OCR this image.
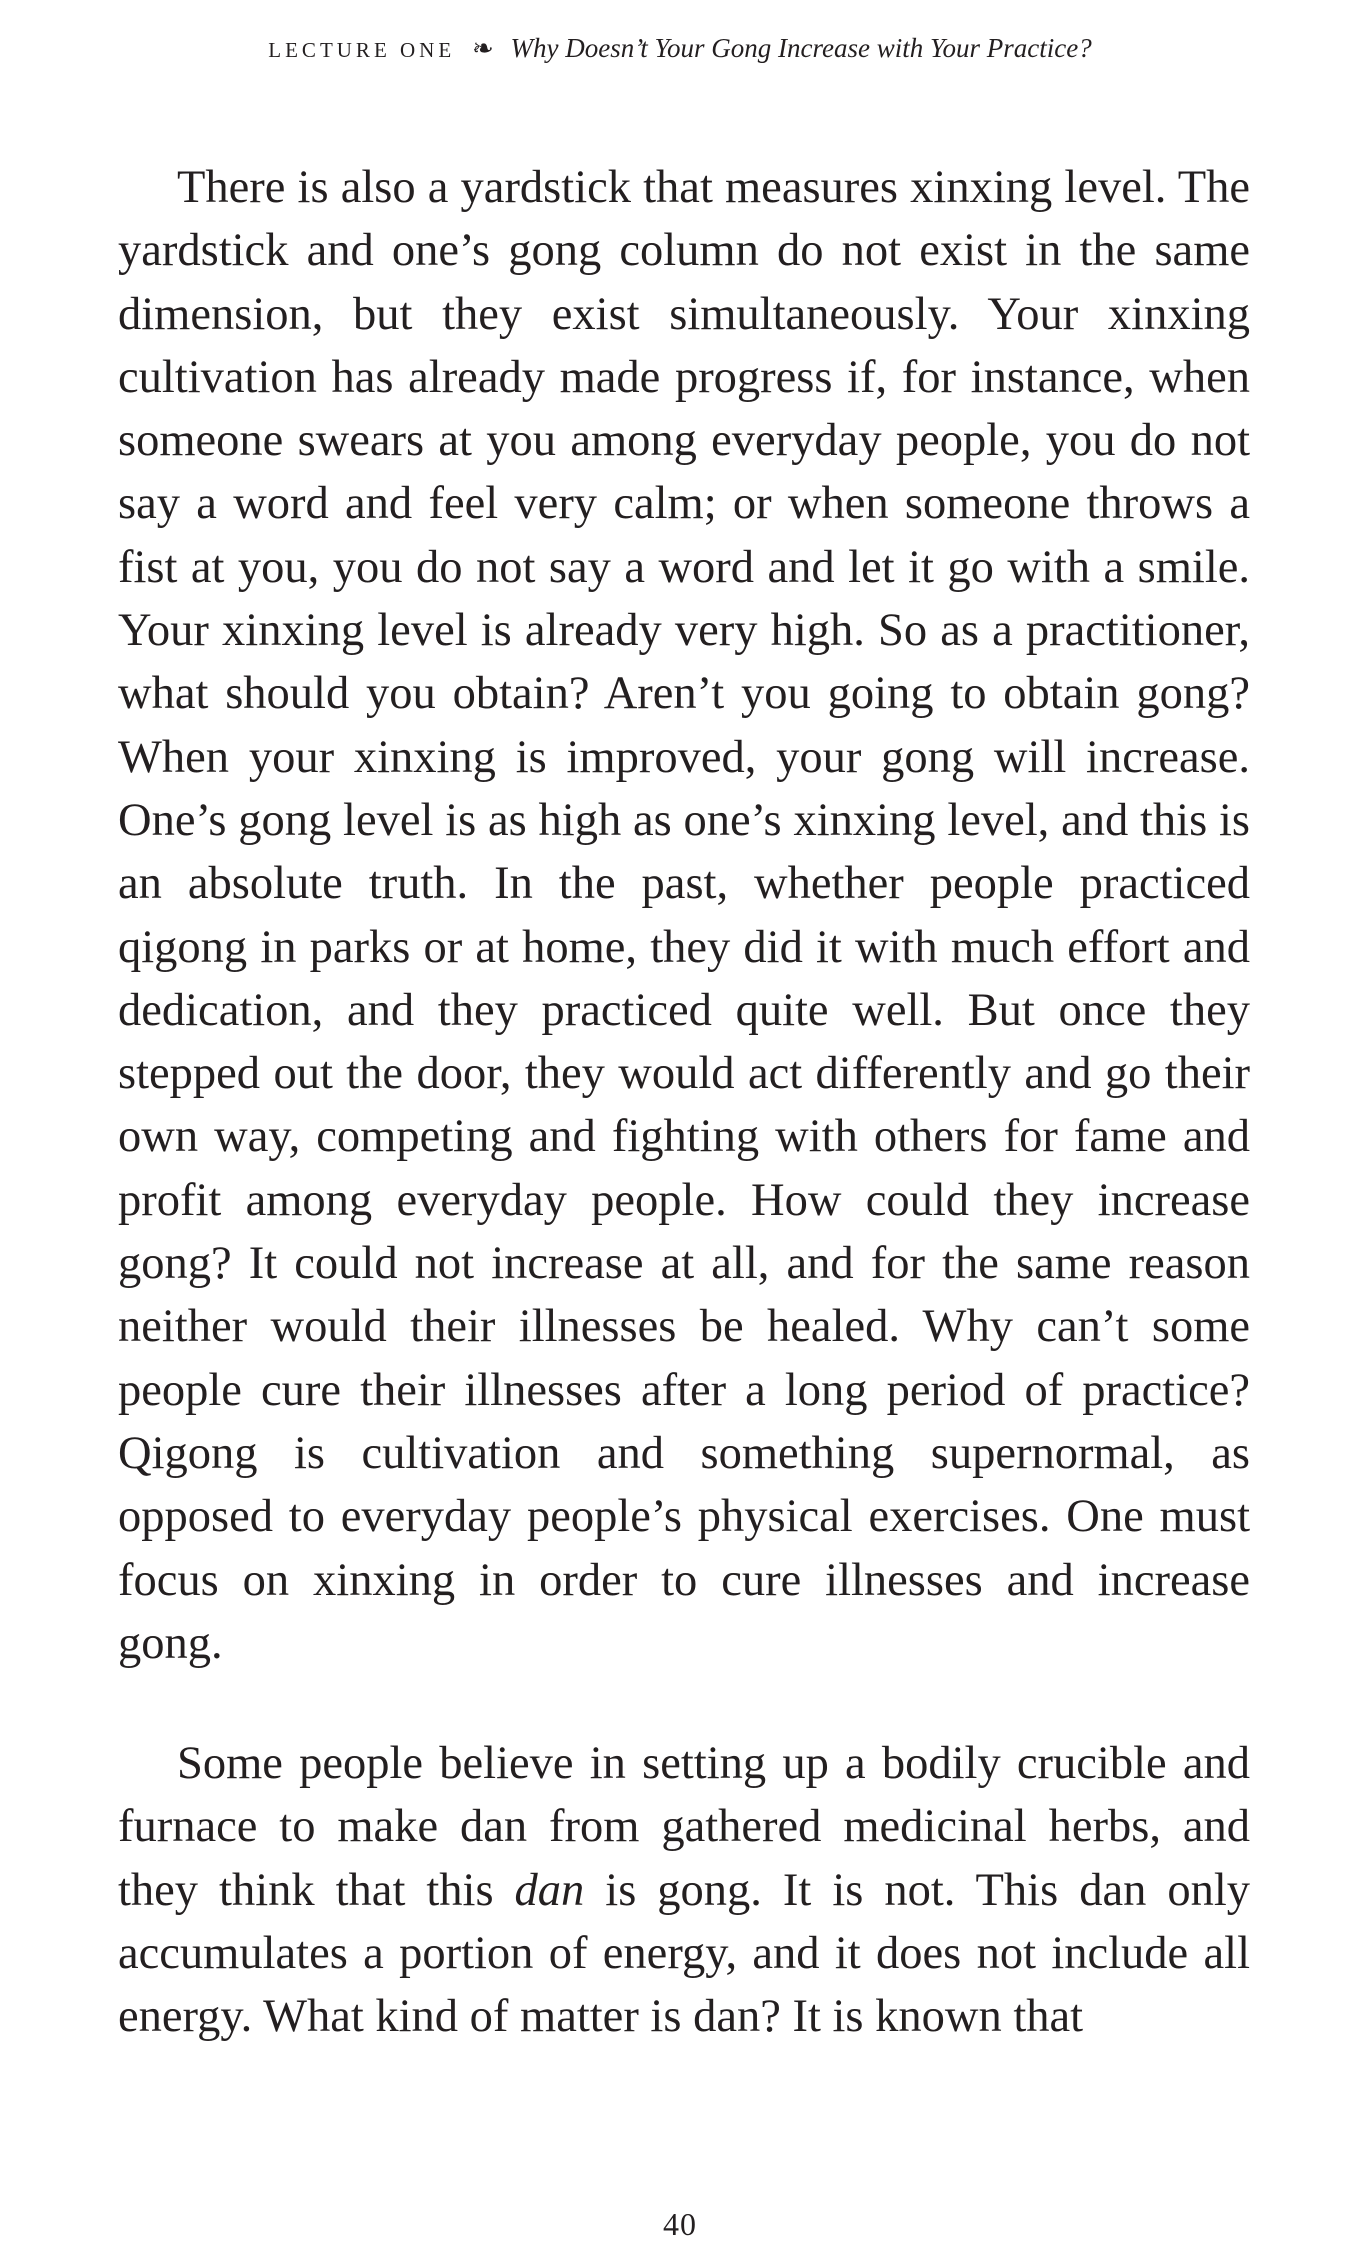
LECTURE ONE ❧ Why Doesn’t Your Gong Increase with Your Practice?

There is also a yardstick that measures xinxing level. The yardstick and one’s gong column do not exist in the same dimension, but they exist simultaneously. Your xinxing cultivation has already made progress if, for instance, when someone swears at you among everyday people, you do not say a word and feel very calm; or when someone throws a fist at you, you do not say a word and let it go with a smile. Your xinxing level is already very high. So as a practitioner, what should you obtain? Aren’t you going to obtain gong? When your xinxing is improved, your gong will increase. One’s gong level is as high as one’s xinxing level, and this is an absolute truth. In the past, whether people practiced qigong in parks or at home, they did it with much effort and dedication, and they practiced quite well. But once they stepped out the door, they would act differently and go their own way, competing and fighting with others for fame and profit among everyday people. How could they increase gong? It could not increase at all, and for the same reason neither would their illnesses be healed. Why can’t some people cure their illnesses after a long period of practice? Qigong is cultivation and something supernormal, as opposed to everyday people’s physical exercises. One must focus on xinxing in order to cure illnesses and increase gong.

Some people believe in setting up a bodily crucible and furnace to make dan from gathered medicinal herbs, and they think that this dan is gong. It is not. This dan only accumulates a portion of energy, and it does not include all energy. What kind of matter is dan? It is known that

40
